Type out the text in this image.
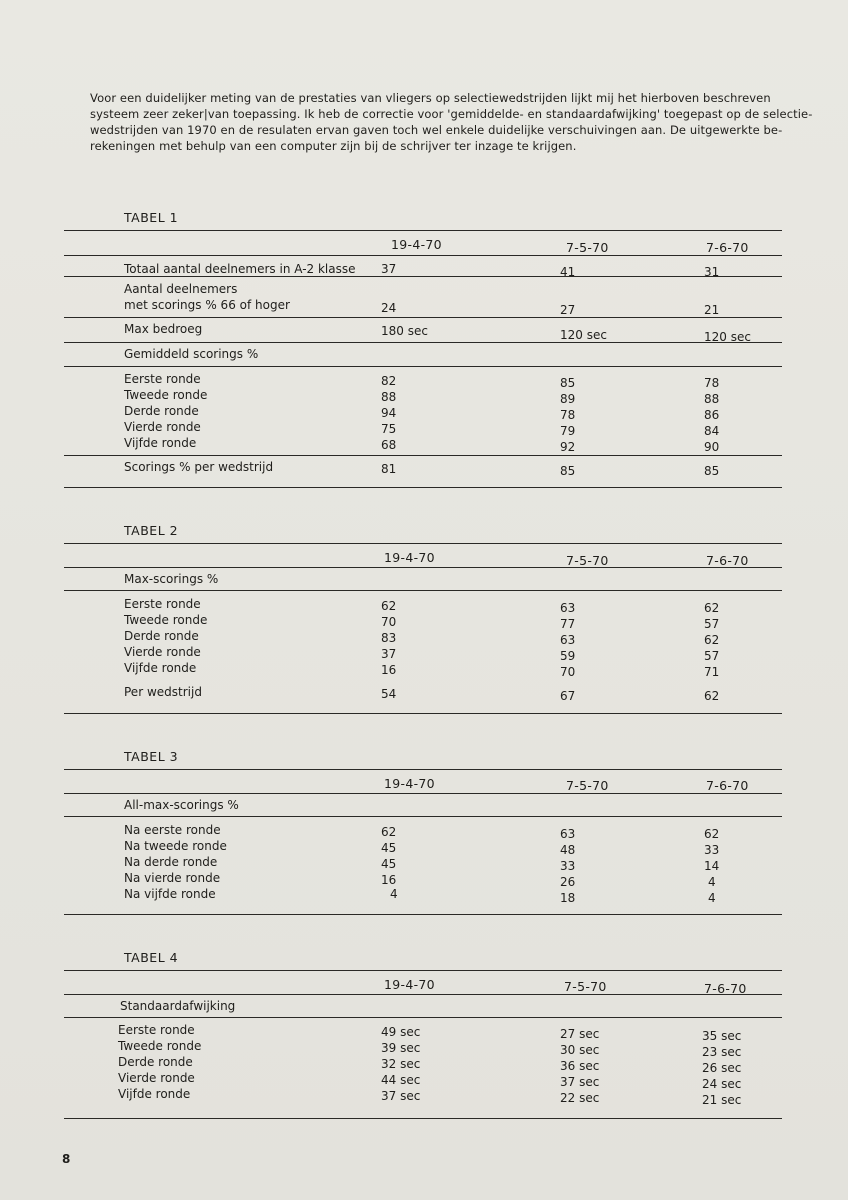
Voor een duidelijker meting van de prestaties van vliegers op selectiewedstrijden lijkt mij het hierboven beschreven
systeem zeer zeker|van toepassing. Ik heb de correctie voor 'gemiddelde- en standaardafwijking' toegepast op de selectie-
wedstrijden van 1970 en de resulaten ervan gaven toch wel enkele duidelijke verschuivingen aan. De uitgewerkte be-
rekeningen met behulp van een computer zijn bij de schrijver ter inzage te krijgen.
TABEL 1
19-4-70	7-5-70	7-6-70
Totaal aantal deelnemers in A-2 klasse 37	41	31
Aantal deelnemers
met scorings % 66 of hoger	24	27	21
Max bedroeg	180 sec	120 sec	120 sec
Gemiddeld scorings %
Eerste ronde	82	85	78
Tweede ronde	88	89	88
Derde ronde	94	78	86
Vierde ronde	75	79	84
Vijfde ronde	68	92	90
Scorings % per wedstrijd	81	85	85
TABEL 2
19-4-70	7-5-70	7-6-70
Max-scorings %
Eerste ronde	62	63	62
Tweede ronde	70	77	57
Derde ronde	83	63	62
Vierde ronde	37	59	57
Vijfde ronde	16	70	71
Per wedstrijd	54	67	62
TABEL 3
19-4-70	7-5-70	7-6-70
All-max-scorings %
Na eerste ronde	62	63	62
Na tweede ronde	45	48	33
Na derde ronde	45	33	14
Na vierde ronde	16	26	4
Na vijfde ronde	4	18	4
TABEL 4
19-4-70	7-5-70	7-6-70
Standaardafwijking
Eerste ronde	49 sec	27 sec	35 sec
Tweede ronde	39 sec	30 sec	23 sec
Derde ronde	32 sec	36 sec	26 sec
Vierde ronde	44 sec	37 sec	24 sec
Vijfde ronde	37 sec	22 sec	21 sec
8
